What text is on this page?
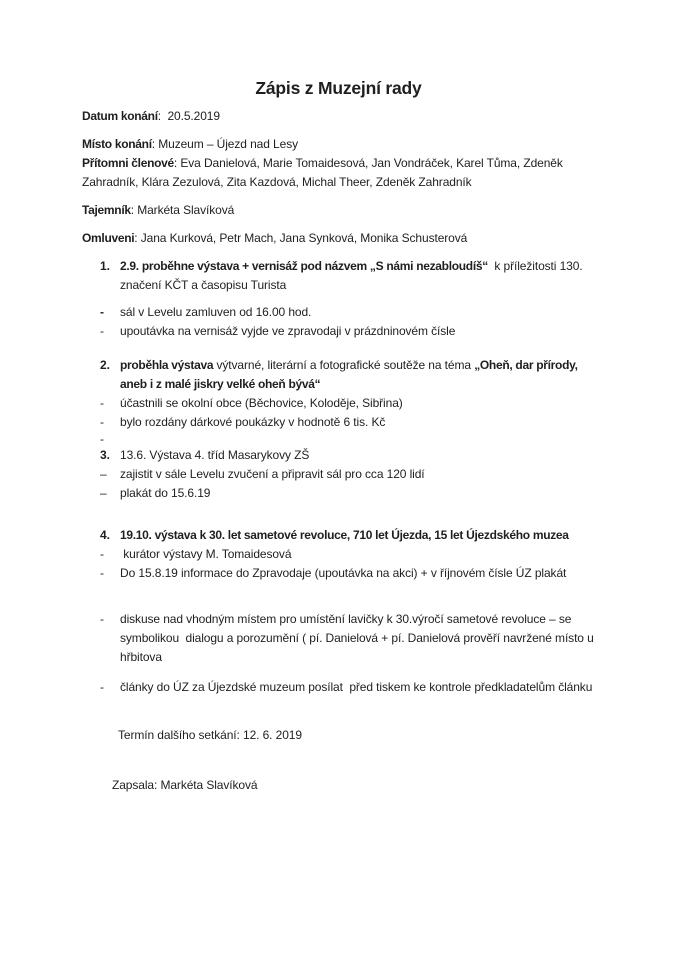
Zápis z Muzejní rady

Datum konání:  20.5.2019

Místo konání: Muzeum – Újezd nad Lesy

Přítomni členové: Eva Danielová, Marie Tomaidesová, Jan Vondráček, Karel Tůma, Zdeněk Zahradník, Klára Zezulová, Zita Kazdová, Michal Theer, Zdeněk Zahradník

Tajemník: Markéta Slavíková

Omluveni: Jana Kurková, Petr Mach, Jana Synková, Monika Schusterová

1. 2.9. proběhne výstava + vernisáž pod názvem „S námi nezabloudíš“  k příležitosti 130. značení KČT a časopisu Turista
-	sál v Levelu zamluven od 16.00 hod.
-	upoutávka na vernisáž vyjde ve zpravodaji v prázdninovém čísle
2. proběhla výstava výtvarné, literární a fotografické soutěže na téma „Oheň, dar přírody, aneb i z malé jiskry velké oheň bývá“
-	účastnili se okolní obce (Běchovice, Koloděje, Sibřina)
-	bylo rozdány dárkové poukázky v hodnotě 6 tis. Kč
-
3. 13.6. Výstava 4. tříd Masarykovy ZŠ
–	zajistit v sále Levelu zvučení a připravit sál pro cca 120 lidí
–	plakát do 15.6.19
4. 19.10. výstava k 30. let sametové revoluce, 710 let Újezda, 15 let Újezdského muzea
-	kurátor výstavy M. Tomaidesová
-	Do 15.8.19 informace do Zpravodaje (upoutávka na akci) + v říjnovém čísle ÚZ plakát
-	diskuse nad vhodným místem pro umístění lavičky k 30.výročí sametové revoluce – se symbolikou  dialogu a porozumění ( pí. Danielová + pí. Danielová prověří navržené místo u hřbitova
-	články do ÚZ za Újezdské muzeum posílat  před tiskem ke kontrole předkladatelům článku

Termín dalšího setkání: 12. 6. 2019

Zapsala: Markéta Slavíková
